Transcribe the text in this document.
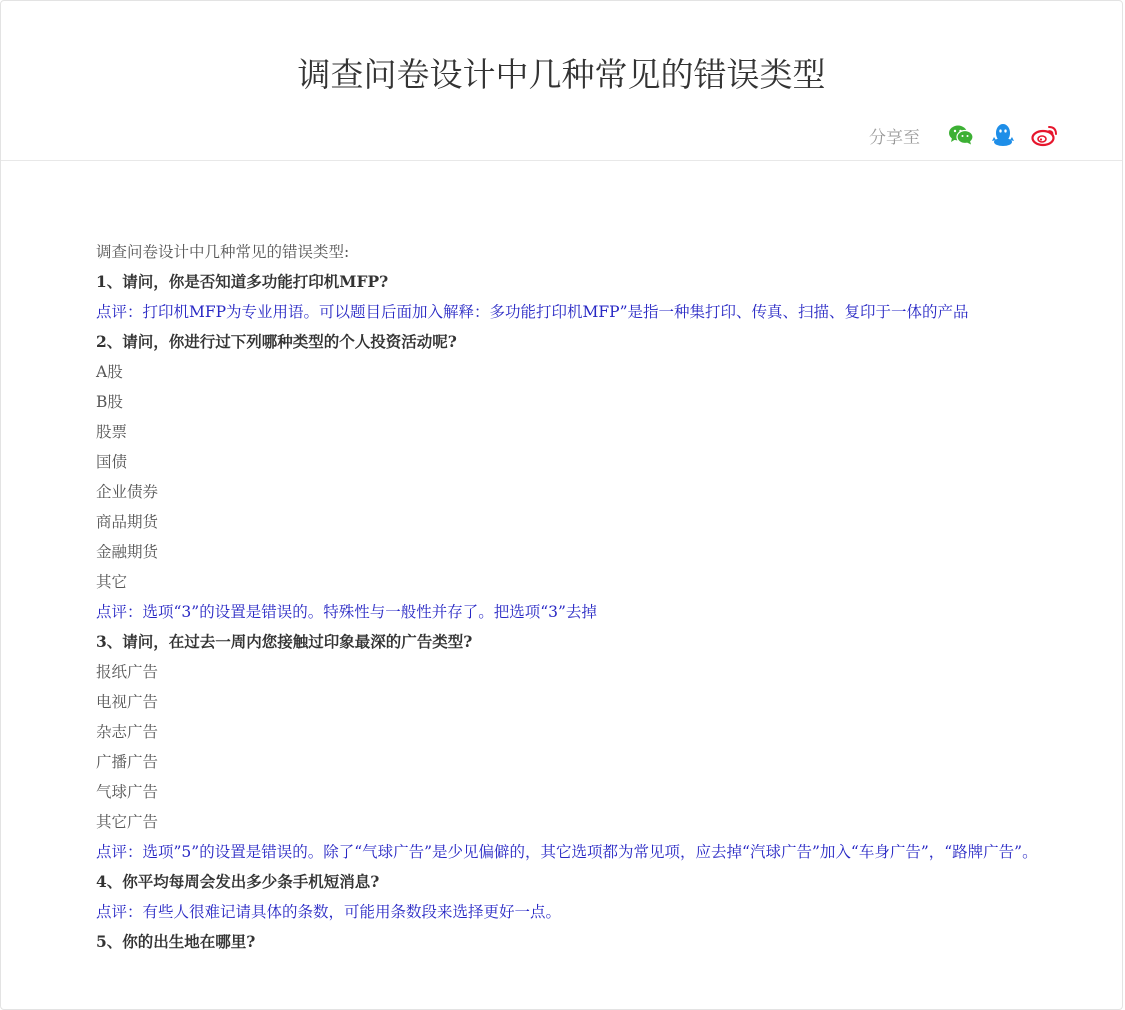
调查问卷设计中几种常见的错误类型
分享至

调查问卷设计中几种常见的错误类型:

1、请问，你是否知道多功能打印机MFP?

点评：打印机MFP为专业用语。可以题目后面加入解释：多功能打印机MFP”是指一种集打印、传真、扫描、复印于一体的产品

2、请问，你进行过下列哪种类型的个人投资活动呢?

A股

B股

股票

国债

企业债券

商品期货

金融期货

其它

点评：选项“3”的设置是错误的。特殊性与一般性并存了。把选项“3”去掉

3、请问，在过去一周内您接触过印象最深的广告类型?

报纸广告

电视广告

杂志广告

广播广告

气球广告

其它广告

点评：选项”5”的设置是错误的。除了“气球广告”是少见偏僻的，其它选项都为常见项，应去掉“汽球广告”加入“车身广告”，“路牌广告”。

4、你平均每周会发出多少条手机短消息?

点评：有些人很难记请具体的条数，可能用条数段来选择更好一点。

5、你的出生地在哪里?
